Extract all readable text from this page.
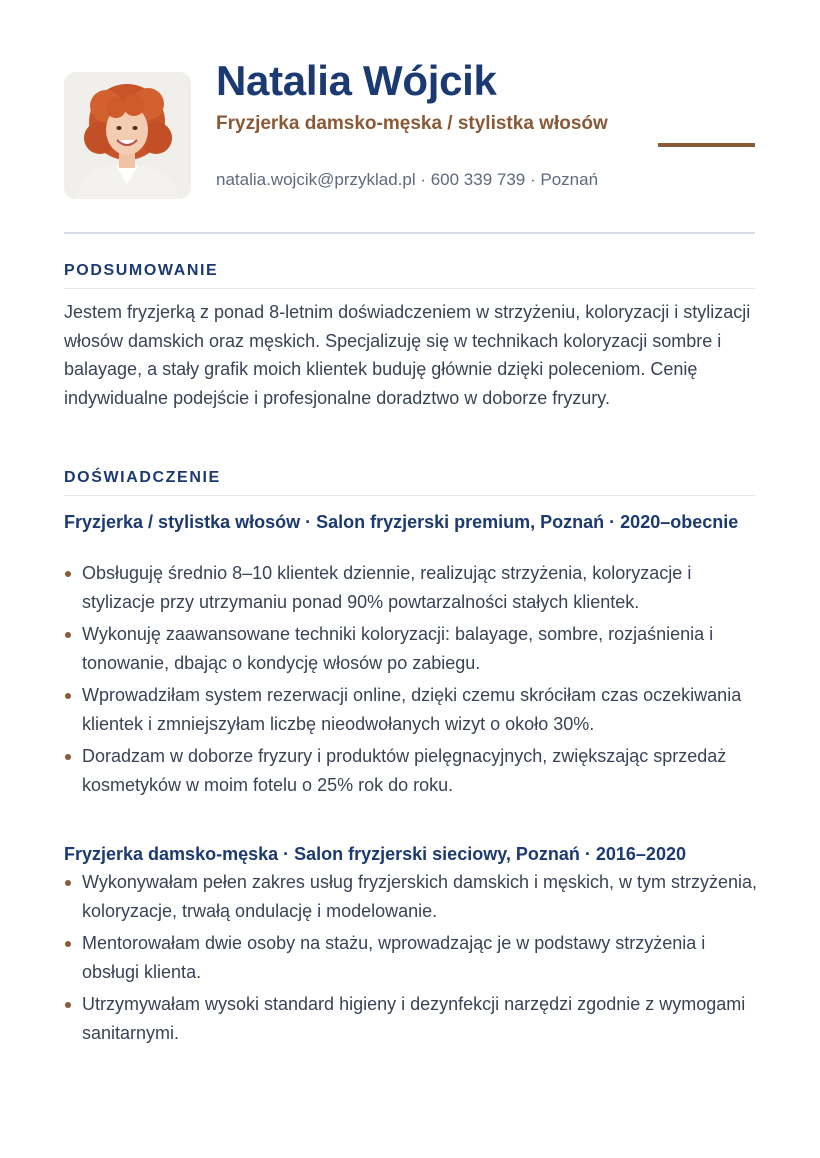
Natalia Wójcik

Fryzjerka damsko-męska / stylistka włosów

natalia.wojcik@przyklad.pl · 600 339 739 · Poznań

PODSUMOWANIE

Jestem fryzjerką z ponad 8-letnim doświadczeniem w strzyżeniu, koloryzacji i stylizacji włosów damskich oraz męskich. Specjalizuję się w technikach koloryzacji sombre i balayage, a stały grafik moich klientek buduję głównie dzięki poleceniom. Cenię indywidualne podejście i profesjonalne doradztwo w doborze fryzury.

DOŚWIADCZENIE
Fryzjerka / stylistka włosów · Salon fryzjerski premium, Poznań · 2020–obecnie
Obsługuję średnio 8–10 klientek dziennie, realizując strzyżenia, koloryzacje i stylizacje przy utrzymaniu ponad 90% powtarzalności stałych klientek.
Wykonuję zaawansowane techniki koloryzacji: balayage, sombre, rozjaśnienia i tonowanie, dbając o kondycję włosów po zabiegu.
Wprowadziłam system rezerwacji online, dzięki czemu skróciłam czas oczekiwania klientek i zmniejszyłam liczbę nieodwołanych wizyt o około 30%.
Doradzam w doborze fryzury i produktów pielęgnacyjnych, zwiększając sprzedaż kosmetyków w moim fotelu o 25% rok do roku.
Fryzjerka damsko-męska · Salon fryzjerski sieciowy, Poznań · 2016–2020
Wykonywałam pełen zakres usług fryzjerskich damskich i męskich, w tym strzyżenia, koloryzacje, trwałą ondulację i modelowanie.
Mentorowałam dwie osoby na stażu, wprowadzając je w podstawy strzyżenia i obsługi klienta.
Utrzymywałam wysoki standard higieny i dezynfekcji narzędzi zgodnie z wymogami sanitarnymi.
